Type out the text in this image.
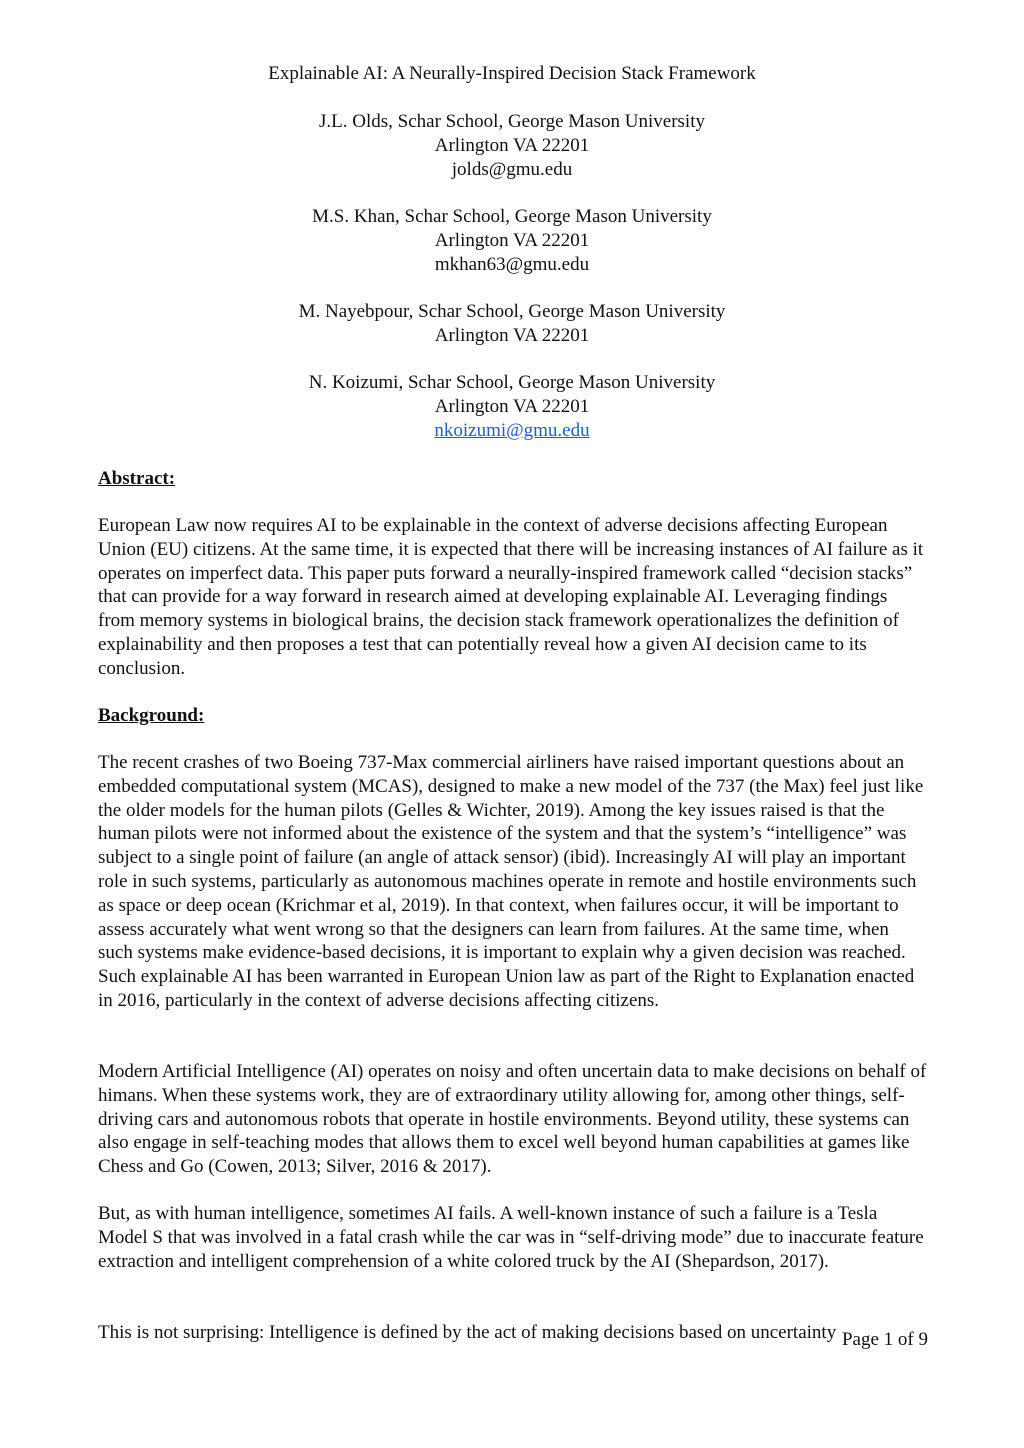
Explainable AI: A Neurally-Inspired Decision Stack Framework
J.L. Olds, Schar School, George Mason University
Arlington VA 22201
jolds@gmu.edu
M.S. Khan, Schar School, George Mason University
Arlington VA 22201
mkhan63@gmu.edu
M. Nayebpour, Schar School, George Mason University
Arlington VA 22201
N. Koizumi, Schar School, George Mason University
Arlington VA 22201
nkoizumi@gmu.edu
Abstract:
European Law now requires AI to be explainable in the context of adverse decisions affecting European Union (EU) citizens. At the same time, it is expected that there will be increasing instances of AI failure as it operates on imperfect data. This paper puts forward a neurally-inspired framework called “decision stacks” that can provide for a way forward in research aimed at developing explainable AI. Leveraging findings from memory systems in biological brains, the decision stack framework operationalizes the definition of explainability and then proposes a test that can potentially reveal how a given AI decision came to its conclusion.
Background:
The recent crashes of two Boeing 737-Max commercial airliners have raised important questions about an embedded computational system (MCAS), designed to make a new model of the 737 (the Max) feel just like the older models for the human pilots (Gelles & Wichter, 2019). Among the key issues raised is that the human pilots were not informed about the existence of the system and that the system’s “intelligence” was subject to a single point of failure (an angle of attack sensor) (ibid). Increasingly AI will play an important role in such systems, particularly as autonomous machines operate in remote and hostile environments such as space or deep ocean (Krichmar et al, 2019). In that context, when failures occur, it will be important to assess accurately what went wrong so that the designers can learn from failures. At the same time, when such systems make evidence-based decisions, it is important to explain why a given decision was reached. Such explainable AI has been warranted in European Union law as part of the Right to Explanation enacted in 2016, particularly in the context of adverse decisions affecting citizens.
Modern Artificial Intelligence (AI) operates on noisy and often uncertain data to make decisions on behalf of himans. When these systems work, they are of extraordinary utility allowing for, among other things, self-driving cars and autonomous robots that operate in hostile environments. Beyond utility, these systems can also engage in self-teaching modes that allows them to excel well beyond human capabilities at games like Chess and Go (Cowen, 2013; Silver, 2016 & 2017).
But, as with human intelligence, sometimes AI fails. A well-known instance of such a failure is a Tesla Model S that was involved in a fatal crash while the car was in “self-driving mode” due to inaccurate feature extraction and intelligent comprehension of a white colored truck by the AI (Shepardson, 2017).
This is not surprising: Intelligence is defined by the act of making decisions based on uncertainty Page 1 of 9
